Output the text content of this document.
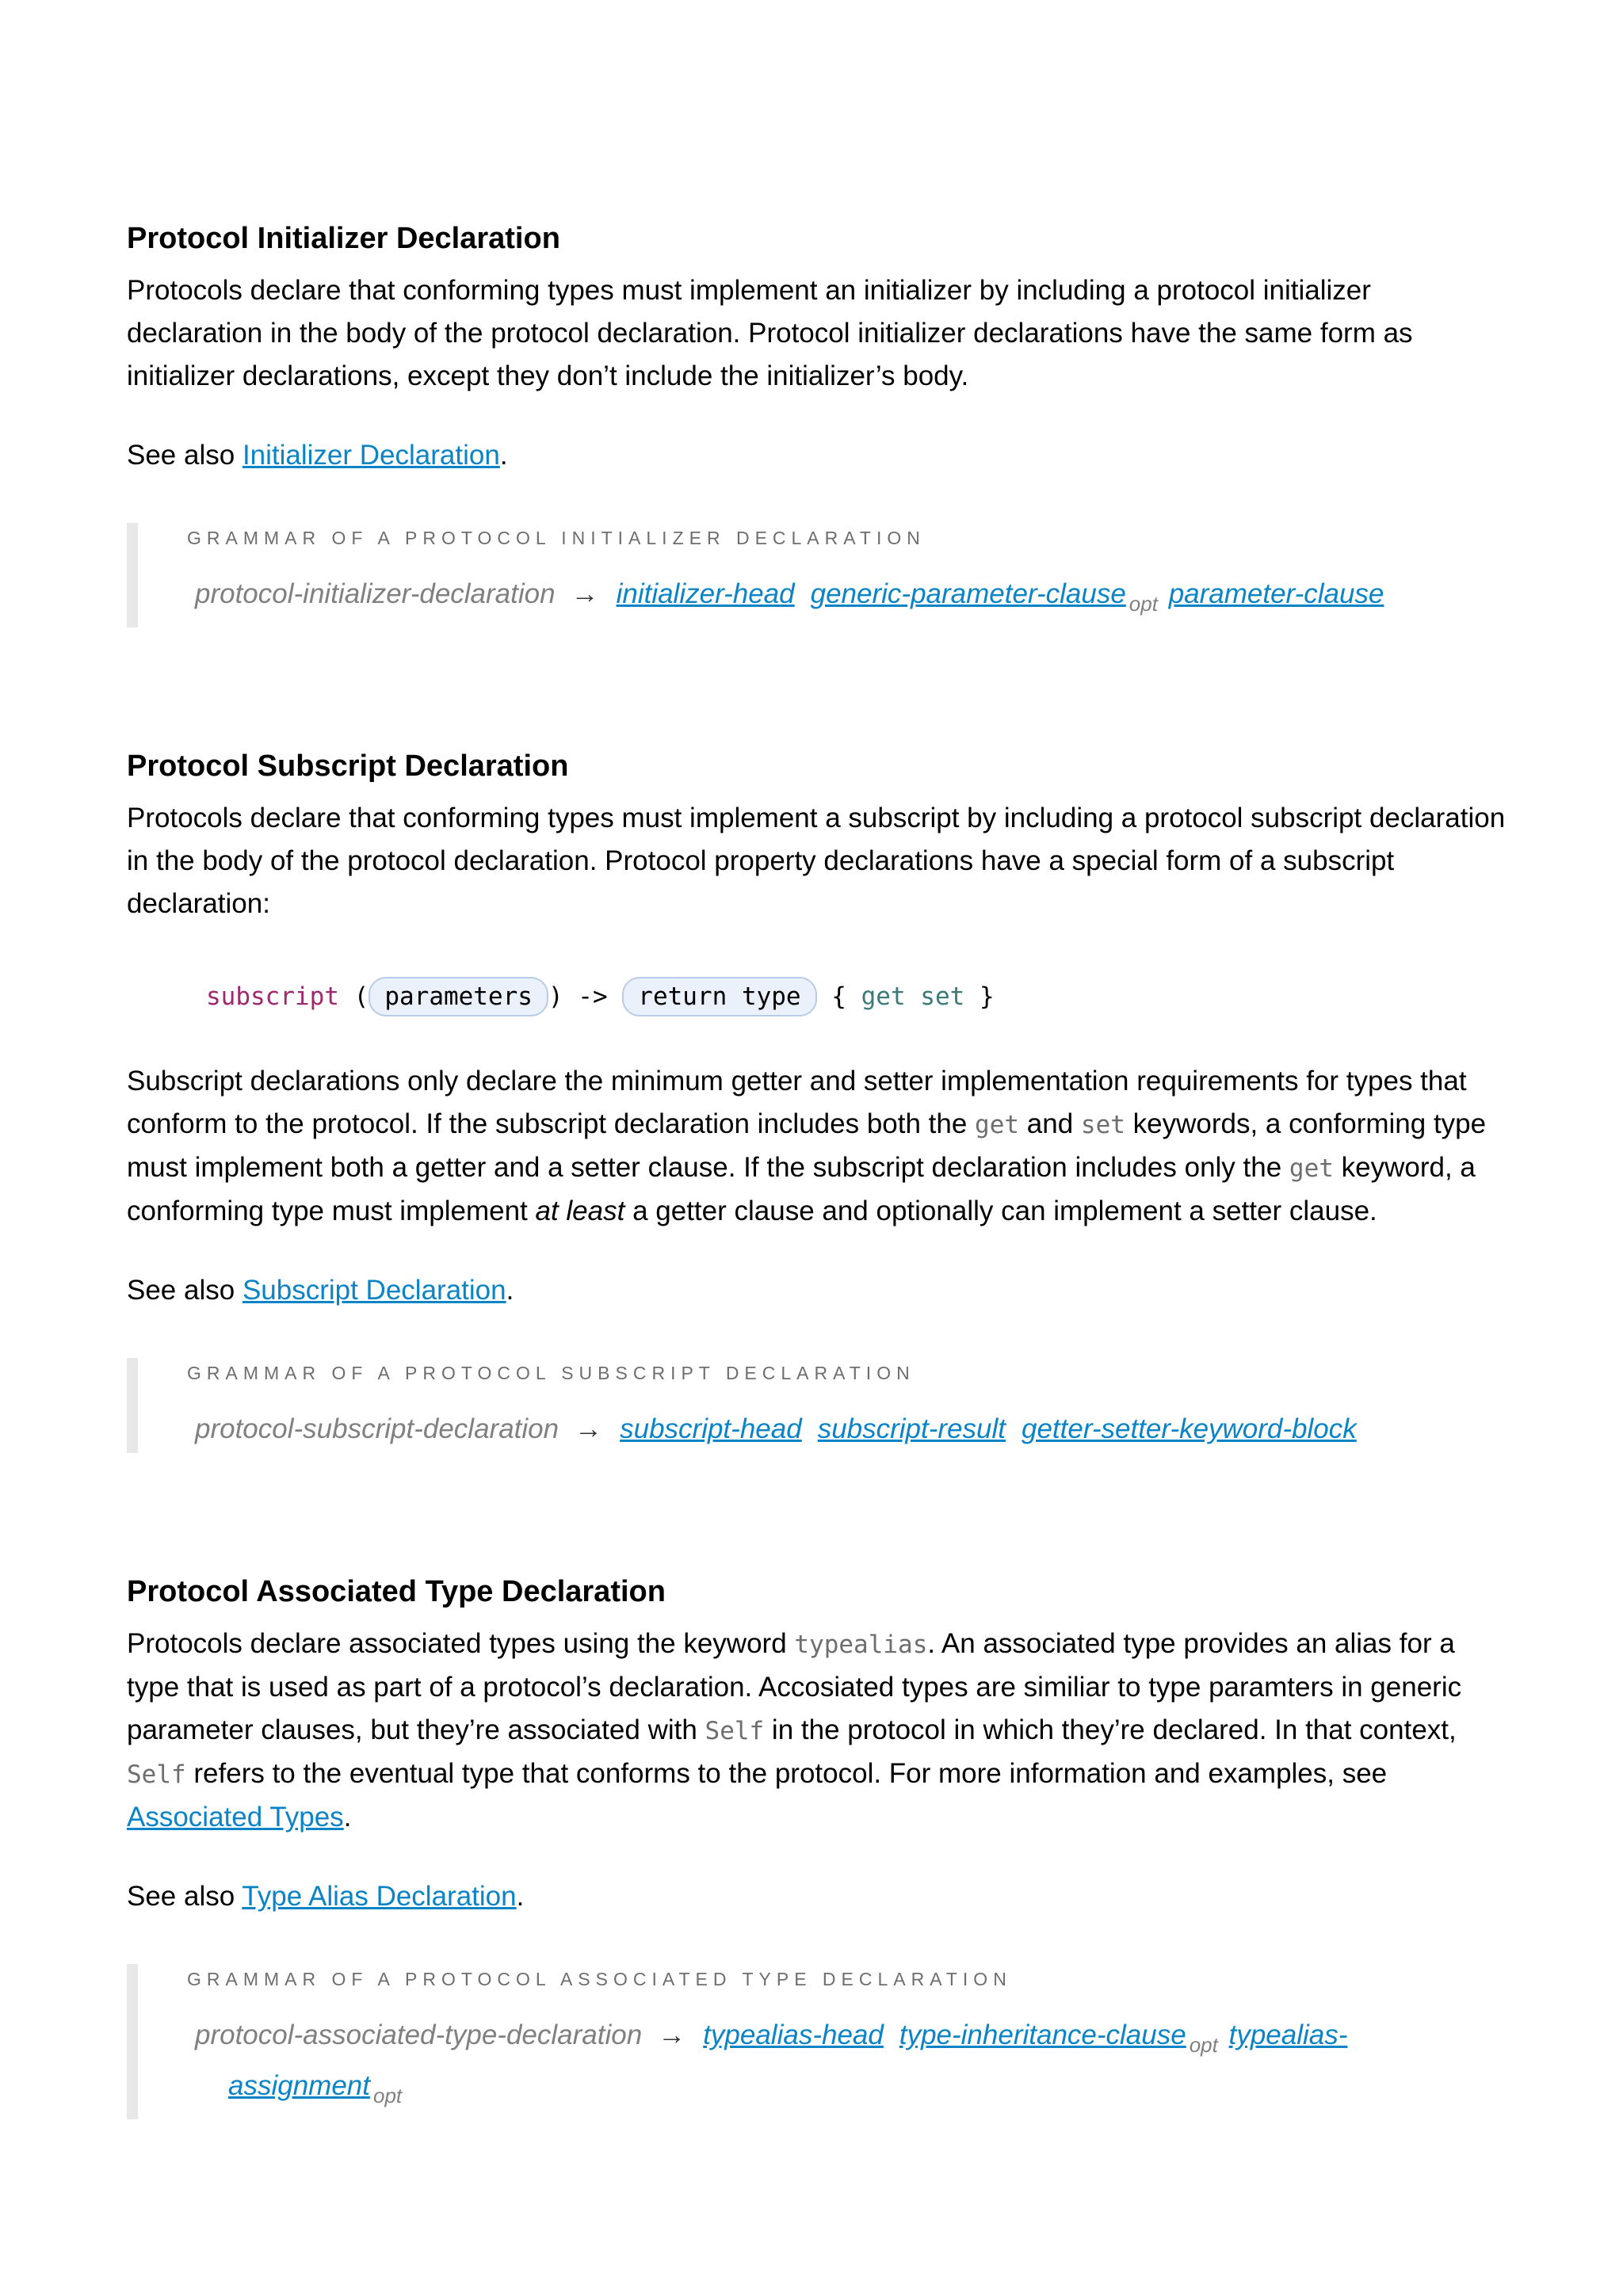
Protocol Initializer Declaration

Protocols declare that conforming types must implement an initializer by including a protocol initializer declaration in the body of the protocol declaration. Protocol initializer declarations have the same form as initializer declarations, except they don’t include the initializer’s body.

See also Initializer Declaration.

GRAMMAR OF A PROTOCOL INITIALIZER DECLARATION
protocol-initializer-declaration → initializer-head generic-parameter-clause $_{opt}$ parameter-clause
Protocol Subscript Declaration

Protocols declare that conforming types must implement a subscript by including a protocol subscript declaration in the body of the protocol declaration. Protocol property declarations have a special form of a subscript declaration:

subscript ( parameters ) -> return type { get set }

Subscript declarations only declare the minimum getter and setter implementation requirements for types that conform to the protocol. If the subscript declaration includes both the get and set keywords, a conforming type must implement both a getter and a setter clause. If the subscript declaration includes only the get keyword, a conforming type must implement at least a getter clause and optionally can implement a setter clause.

See also Subscript Declaration.

GRAMMAR OF A PROTOCOL SUBSCRIPT DECLARATION
protocol-subscript-declaration → subscript-head subscript-result getter-setter-keyword-block
Protocol Associated Type Declaration

Protocols declare associated types using the keyword typealias. An associated type provides an alias for a type that is used as part of a protocol’s declaration. Accosiated types are similiar to type paramters in generic parameter clauses, but they’re associated with Self in the protocol in which they’re declared. In that context, Self refers to the eventual type that conforms to the protocol. For more information and examples, see Associated Types.

See also Type Alias Declaration.

GRAMMAR OF A PROTOCOL ASSOCIATED TYPE DECLARATION
protocol-associated-type-declaration → typealias-head type-inheritance-clause $_{opt}$ typealias-
assignment $_{opt}$
